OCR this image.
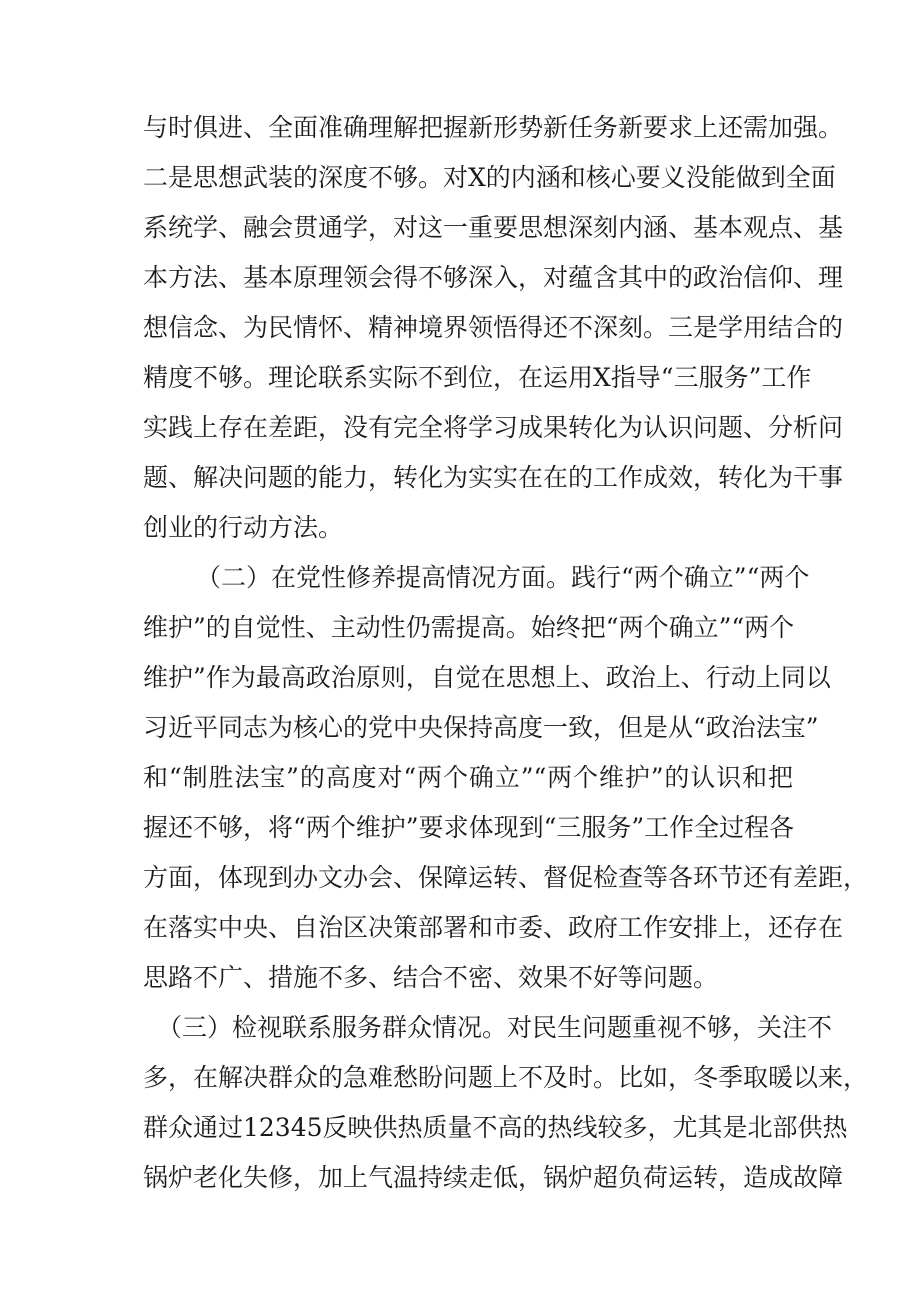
与时俱进、全面准确理解把握新形势新任务新要求上还需加强。
二是思想武装的深度不够。对X的内涵和核心要义没能做到全面
系统学、融会贯通学，对这一重要思想深刻内涵、基本观点、基
本方法、基本原理领会得不够深入，对蕴含其中的政治信仰、理
想信念、为民情怀、精神境界领悟得还不深刻。三是学用结合的
精度不够。理论联系实际不到位，在运用X指导“三服务”工作
实践上存在差距，没有完全将学习成果转化为认识问题、分析问
题、解决问题的能力，转化为实实在在的工作成效，转化为干事
创业的行动方法。
（二）在党性修养提高情况方面。践行“两个确立”“两个
维护”的自觉性、主动性仍需提高。始终把“两个确立”“两个
维护”作为最高政治原则，自觉在思想上、政治上、行动上同以
习近平同志为核心的党中央保持高度一致，但是从“政治法宝”
和“制胜法宝”的高度对“两个确立”“两个维护”的认识和把
握还不够，将“两个维护”要求体现到“三服务”工作全过程各
方面，体现到办文办会、保障运转、督促检查等各环节还有差距，
在落实中央、自治区决策部署和市委、政府工作安排上，还存在
思路不广、措施不多、结合不密、效果不好等问题。
（三）检视联系服务群众情况。对民生问题重视不够，关注不
多，在解决群众的急难愁盼问题上不及时。比如，冬季取暖以来，
群众通过12345反映供热质量不高的热线较多，尤其是北部供热
锅炉老化失修，加上气温持续走低，锅炉超负荷运转，造成故障
